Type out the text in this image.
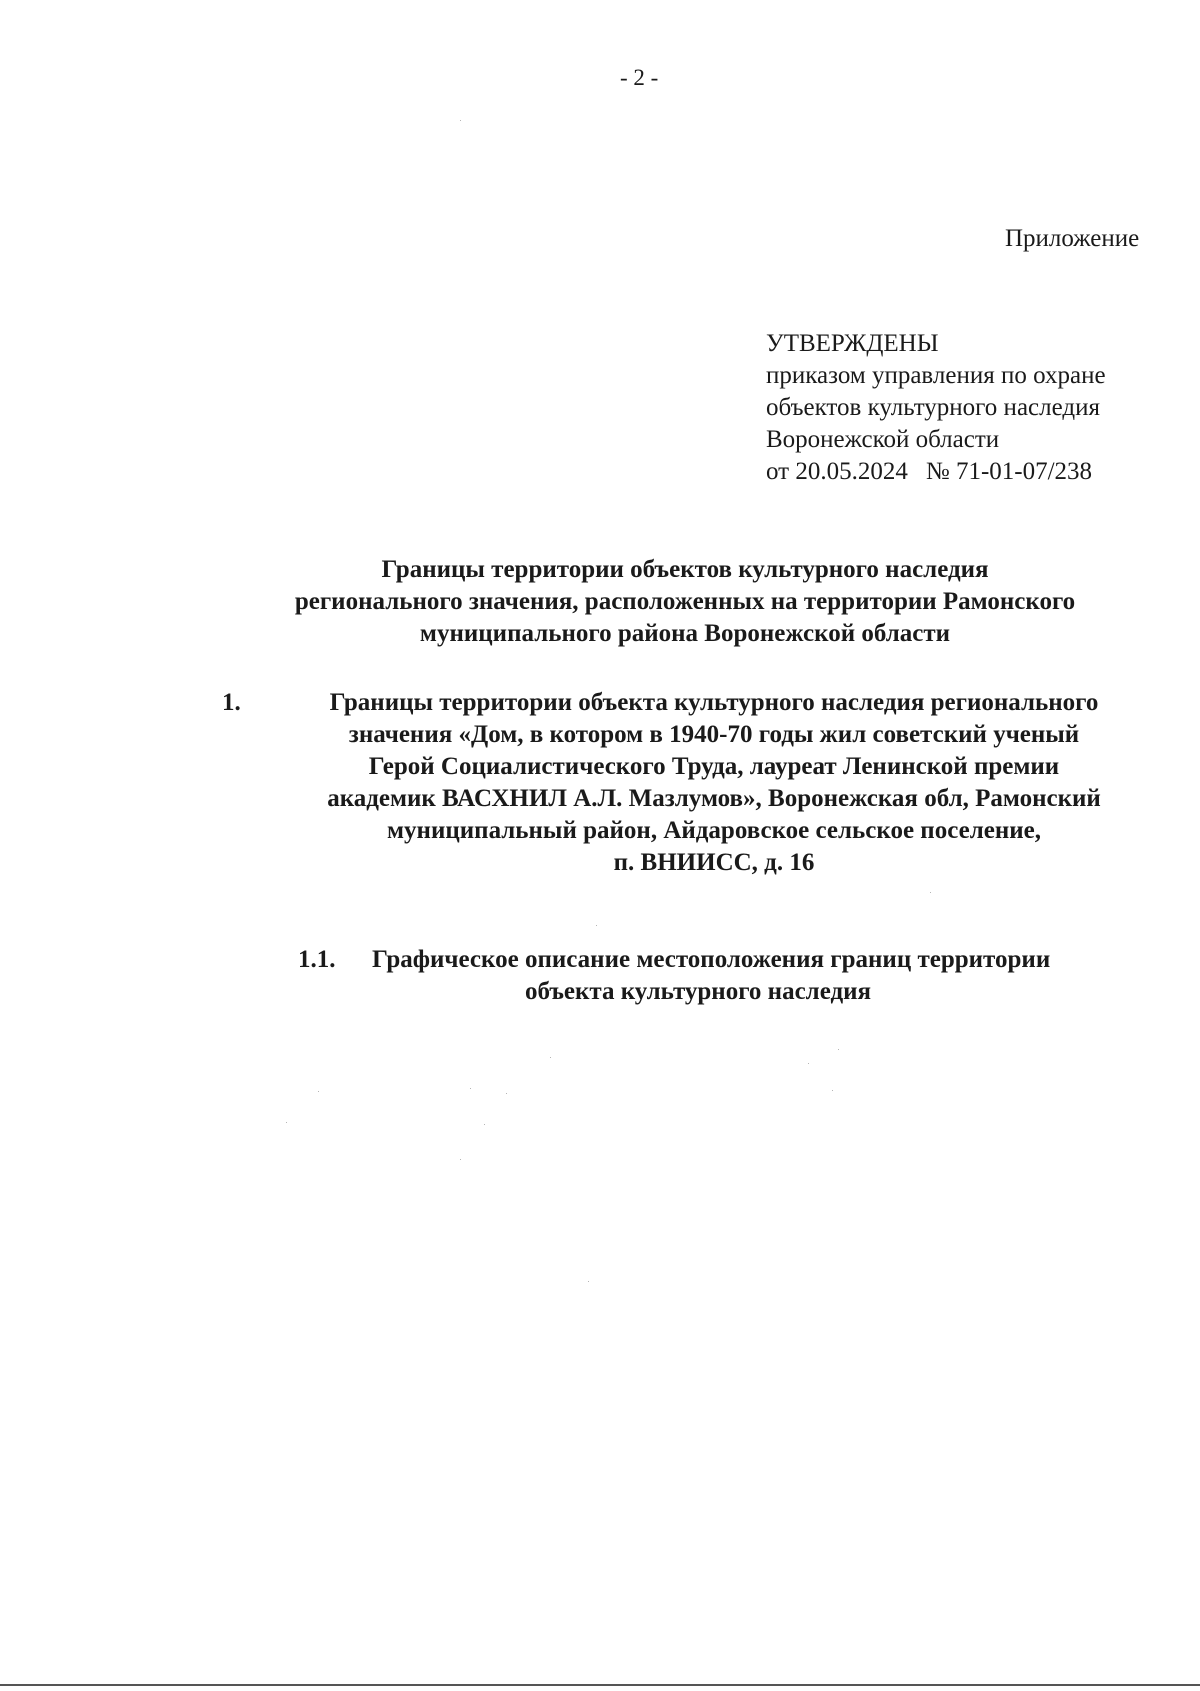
- 2 -
Приложение
УТВЕРЖДЕНЫ
приказом управления по охране
объектов культурного наследия
Воронежской области
от 20.05.2024 № 71-01-07/238
Границы территории объектов культурного наследия
регионального значения, расположенных на территории Рамонского
муниципального района Воронежской области
1.	Границы территории объекта культурного наследия регионального
значения «Дом, в котором в 1940-70 годы жил советский ученый
Герой Социалистического Труда, лауреат Ленинской премии
академик ВАСХНИЛ А.Л. Мазлумов», Воронежская обл, Рамонский
муниципальный район, Айдаровское сельское поселение,
п. ВНИИСС, д. 16
1.1. Графическое описание местоположения границ территории
объекта культурного наследия
